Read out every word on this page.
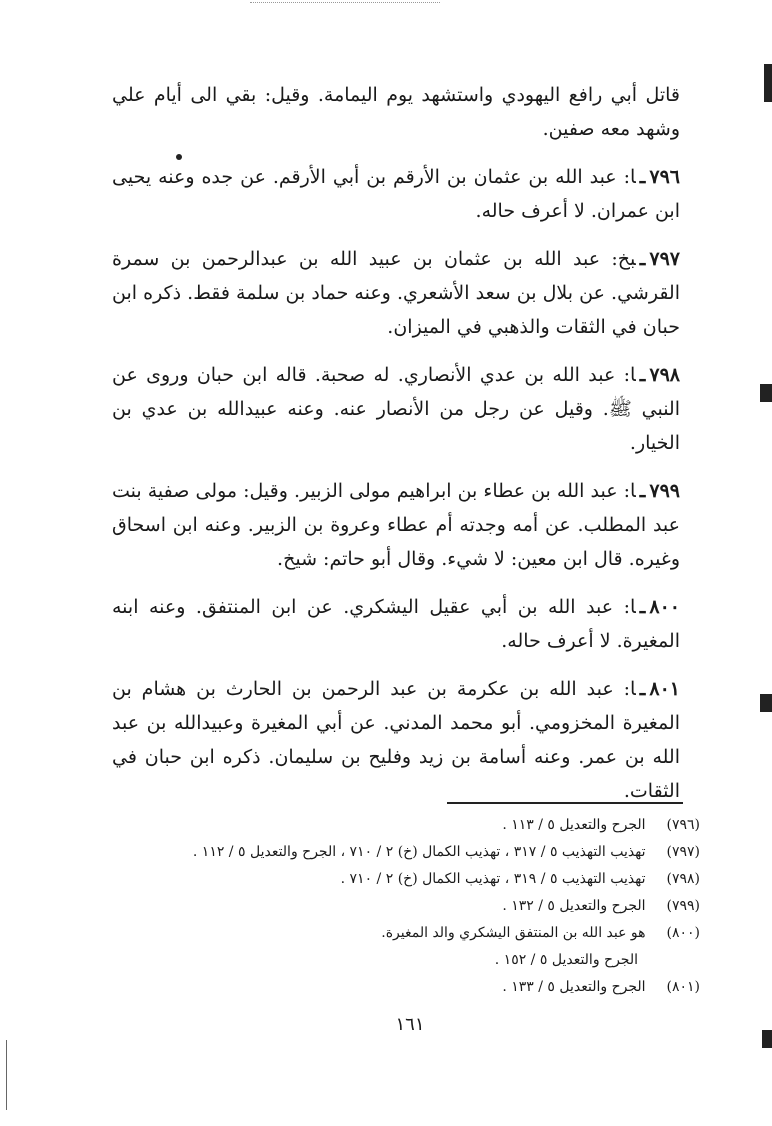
قاتل أبي رافع اليهودي واستشهد يوم اليمامة. وقيل: بقي الى أيام علي وشهد معه صفين.

٧٩٦ـا: عبد الله بن عثمان بن الأرقم بن أبي الأرقم. عن جده وعنه يحيى ابن عمران. لا أعرف حاله.

٧٩٧ـبخ: عبد الله بن عثمان بن عبيد الله بن عبدالرحمن بن سمرة القرشي. عن بلال بن سعد الأشعري. وعنه حماد بن سلمة فقط. ذكره ابن حبان في الثقات والذهبي في الميزان.

٧٩٨ـا: عبد الله بن عدي الأنصاري. له صحبة. قاله ابن حبان وروى عن النبي ﷺ. وقيل عن رجل من الأنصار عنه. وعنه عبيدالله بن عدي بن الخيار.

٧٩٩ـا: عبد الله بن عطاء بن ابراهيم مولى الزبير. وقيل: مولى صفية بنت عبد المطلب. عن أمه وجدته أم عطاء وعروة بن الزبير. وعنه ابن اسحاق وغيره. قال ابن معين: لا شيء. وقال أبو حاتم: شيخ.

٨٠٠ـا: عبد الله بن أبي عقيل اليشكري. عن ابن المنتفق. وعنه ابنه المغيرة. لا أعرف حاله.

٨٠١ـا: عبد الله بن عكرمة بن عبد الرحمن بن الحارث بن هشام بن المغيرة المخزومي. أبو محمد المدني. عن أبي المغيرة وعبيدالله بن عبد الله بن عمر. وعنه أسامة بن زيد وفليح بن سليمان. ذكره ابن حبان في الثقات.

(٧٩٦) الجرح والتعديل ٥ / ١١٣ .
(٧٩٧) تهذيب التهذيب ٥ / ٣١٧ ، تهذيب الكمال (خ) ٢ / ٧١٠ ، الجرح والتعديل ٥ / ١١٢ .
(٧٩٨) تهذيب التهذيب ٥ / ٣١٩ ، تهذيب الكمال (خ) ٢ / ٧١٠ .
(٧٩٩) الجرح والتعديل ٥ / ١٣٢ .
(٨٠٠) هو عبد الله بن المنتفق اليشكري والد المغيرة.
الجرح والتعديل ٥ / ١٥٢ .
(٨٠١) الجرح والتعديل ٥ / ١٣٣ .
١٦١
